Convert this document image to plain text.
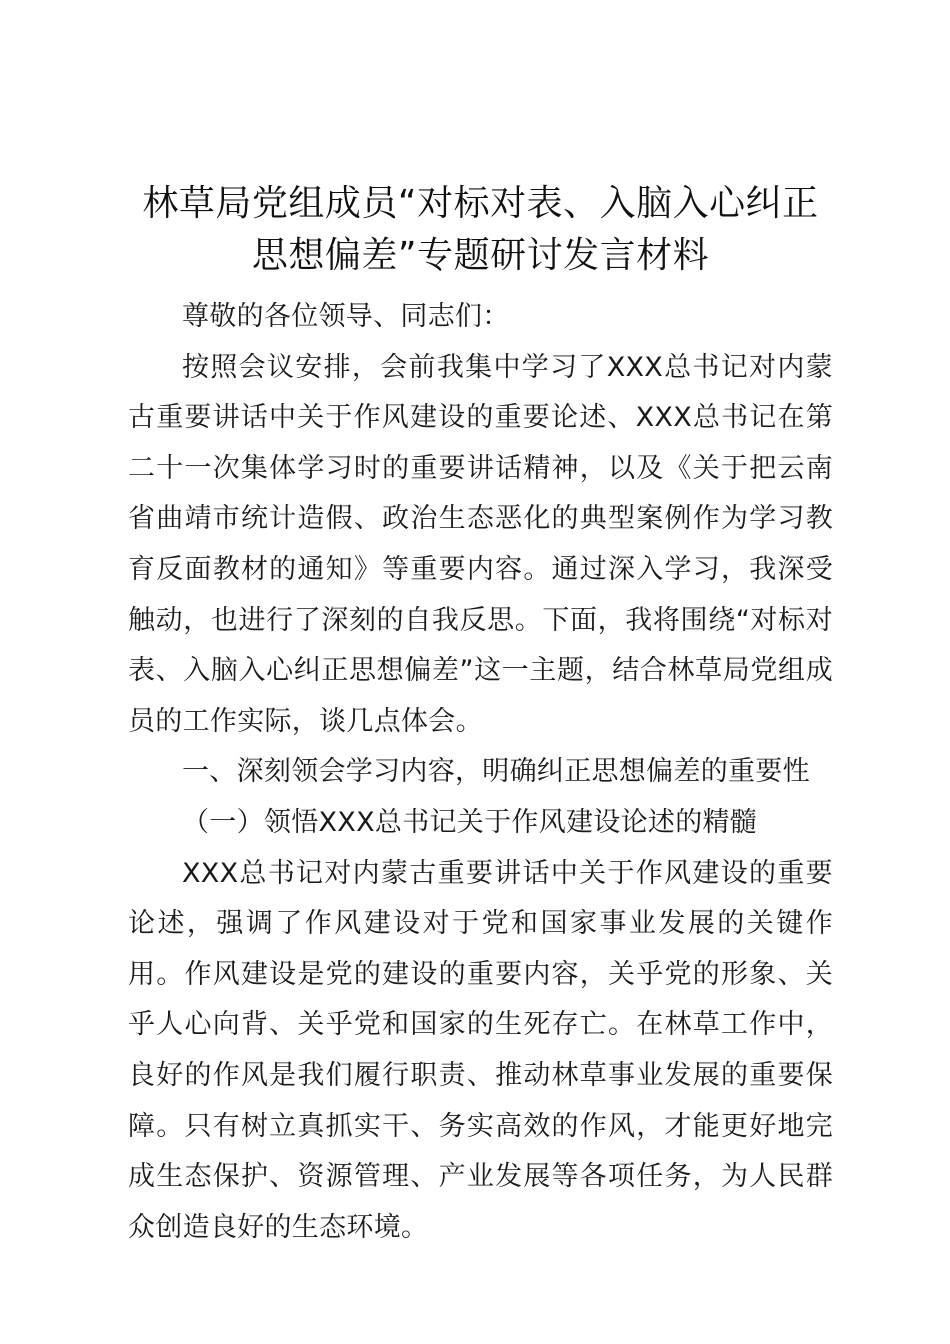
林草局党组成员“对标对表、入脑入心纠正思想偏差”专题研讨发言材料

尊敬的各位领导、同志们：

按照会议安排，会前我集中学习了XXX总书记对内蒙古重要讲话中关于作风建设的重要论述、XXX总书记在第二十一次集体学习时的重要讲话精神，以及《关于把云南省曲靖市统计造假、政治生态恶化的典型案例作为学习教育反面教材的通知》等重要内容。通过深入学习，我深受触动，也进行了深刻的自我反思。下面，我将围绕“对标对表、入脑入心纠正思想偏差”这一主题，结合林草局党组成员的工作实际，谈几点体会。

一、深刻领会学习内容，明确纠正思想偏差的重要性

（一）领悟XXX总书记关于作风建设论述的精髓

XXX总书记对内蒙古重要讲话中关于作风建设的重要论述，强调了作风建设对于党和国家事业发展的关键作用。作风建设是党的建设的重要内容，关乎党的形象、关乎人心向背、关乎党和国家的生死存亡。在林草工作中，良好的作风是我们履行职责、推动林草事业发展的重要保障。只有树立真抓实干、务实高效的作风，才能更好地完成生态保护、资源管理、产业发展等各项任务，为人民群众创造良好的生态环境。
